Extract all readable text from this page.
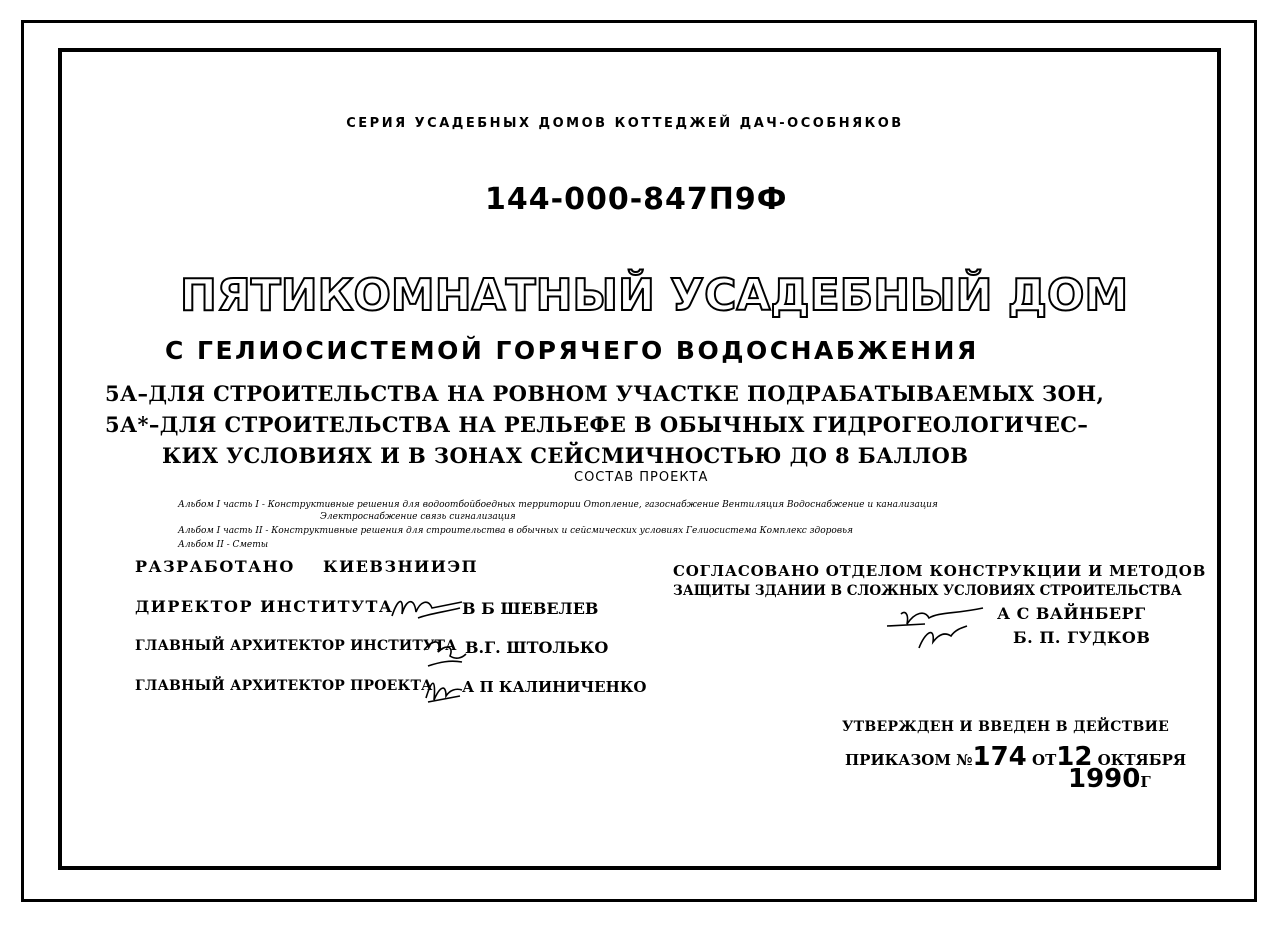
СЕРИЯ УСАДЕБНЫХ ДОМОВ КОТТЕДЖЕЙ ДАЧ-ОСОБНЯКОВ
144-000-847П9Ф
ПЯТИКОМНАТНЫЙ УСАДЕБНЫЙ ДОМ
С ГЕЛИОСИСТЕМОЙ ГОРЯЧЕГО ВОДОСНАБЖЕНИЯ
5А–ДЛЯ СТРОИТЕЛЬСТВА НА РОВНОМ УЧАСТКЕ ПОДРАБАТЫВАЕМЫХ ЗОН,
5А*–ДЛЯ СТРОИТЕЛЬСТВА НА РЕЛЬЕФЕ В ОБЫЧНЫХ ГИДРОГЕОЛОГИЧЕС–
КИХ УСЛОВИЯХ И В ЗОНАХ СЕЙСМИЧНОСТЬЮ ДО 8 БАЛЛОВ
СОСТАВ ПРОЕКТА
Альбом I часть I - Конструктивные решения для водоотбойбоедных территории Отопление, газоснабжение Вентиляция Водоснабжение и канализация
Электроснабжение связь сигнализация
Альбом I часть II - Конструктивные решения для строительства в обычных и сейсмических условиях Гелиосистема Комплекс здоровья
Альбом II - Сметы
РАЗРАБОТАНО КИЕВЗНИИЭП
ДИРЕКТОР ИНСТИТУТА	В Б ШЕВЕЛЕВ
ГЛАВНЫЙ АРХИТЕКТОР ИНСТИТУТА В.Г. ШТОЛЬКО
ГЛАВНЫЙ АРХИТЕКТОР ПРОЕКТА А П КАЛИНИЧЕНКО
СОГЛАСОВАНО ОТДЕЛОМ КОНСТРУКЦИИ И МЕТОДОВ
ЗАЩИТЫ ЗДАНИИ В СЛОЖНЫХ УСЛОВИЯХ СТРОИТЕЛЬСТВА
А С ВАЙНБЕРГ
Б. П. ГУДКОВ
УТВЕРЖДЕН И ВВЕДЕН В ДЕЙСТВИЕ
ПРИКАЗОМ №174 ОТ12 ОКТЯБРЯ
1990Г
